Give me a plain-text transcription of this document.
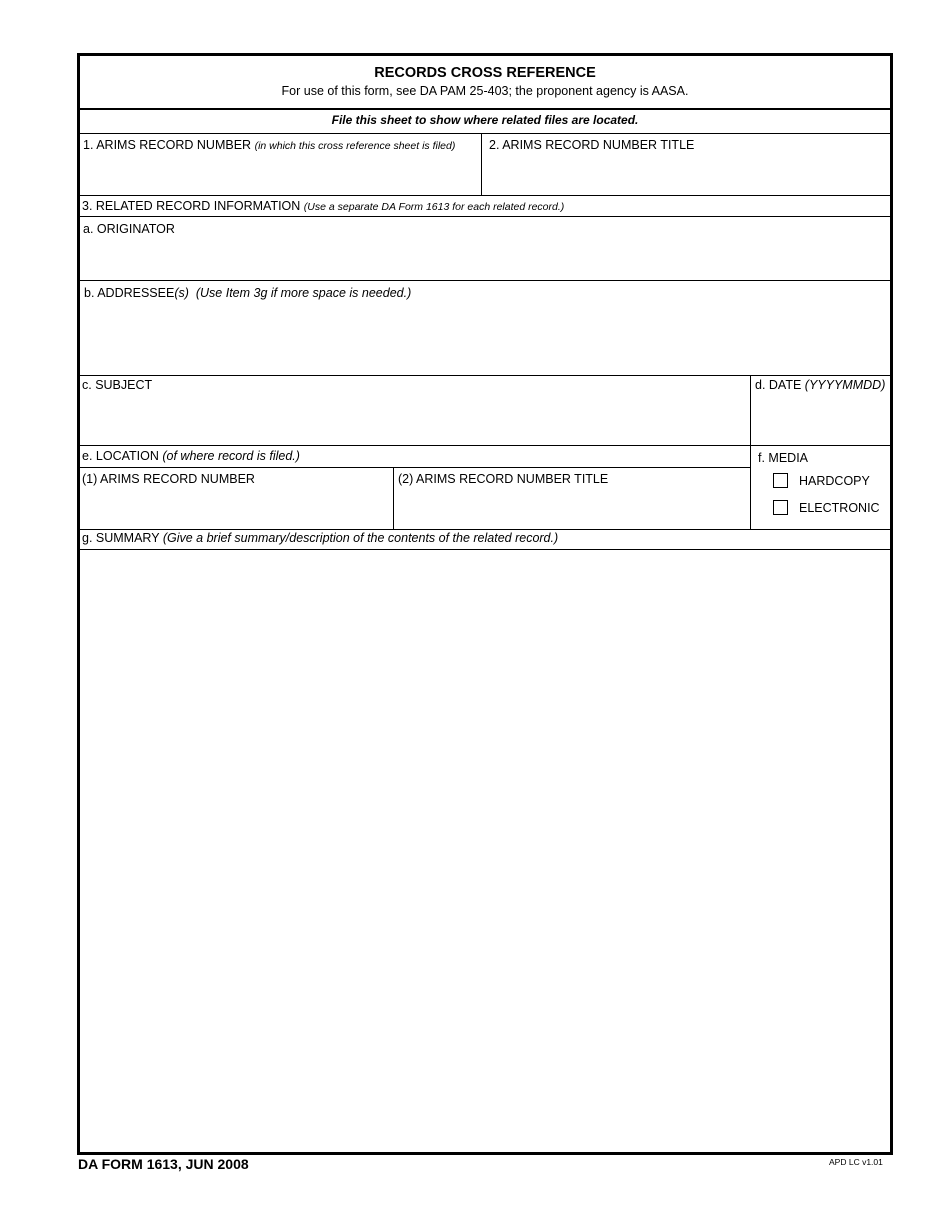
RECORDS CROSS REFERENCE
For use of this form, see DA PAM 25-403; the proponent agency is AASA.
File this sheet to show where related files are located.
1. ARIMS RECORD NUMBER (in which this cross reference sheet is filed)	2. ARIMS RECORD NUMBER TITLE
3. RELATED RECORD INFORMATION (Use a separate DA Form 1613 for each related record.)
a. ORIGINATOR
b. ADDRESSEE(s) (Use Item 3g if more space is needed.)
c. SUBJECT	d. DATE (YYYYMMDD)
e. LOCATION (of where record is filed.)
(1) ARIMS RECORD NUMBER	(2) ARIMS RECORD NUMBER TITLE
f. MEDIA
HARDCOPY
ELECTRONIC
g. SUMMARY (Give a brief summary/description of the contents of the related record.)
DA FORM 1613, JUN 2008	APD LC v1.01
